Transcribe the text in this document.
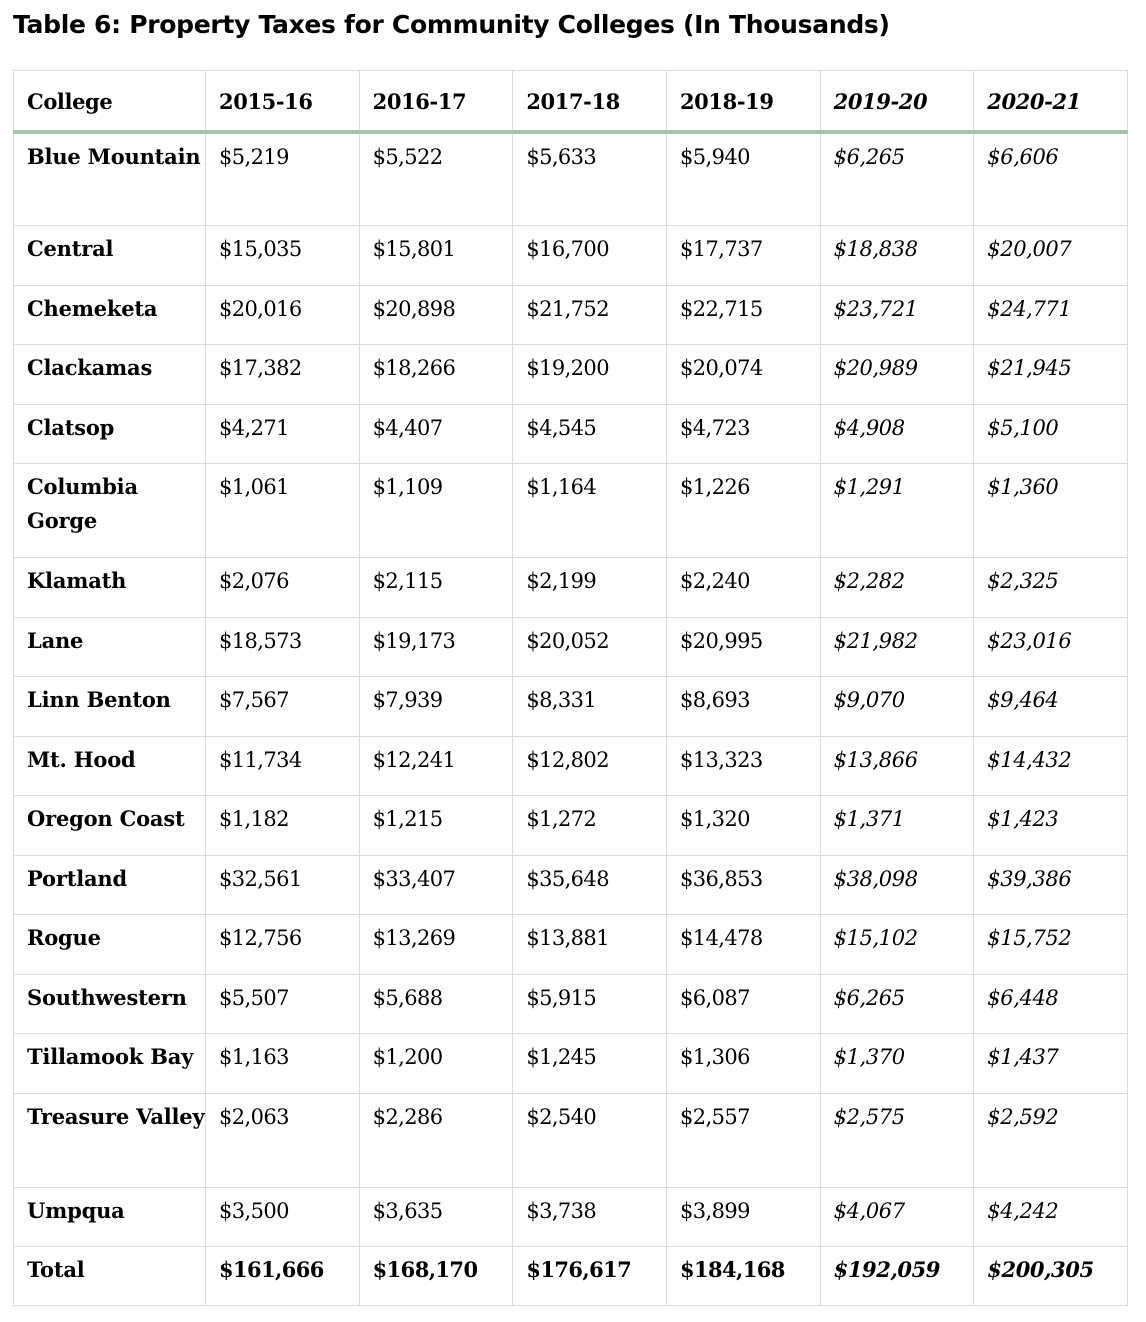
Table 6: Property Taxes for Community Colleges (In Thousands)
College	2015-16	2016-17	2017-18	2018-19	2019-20	2020-21
Blue Mountain	$5,219	$5,522	$5,633	$5,940	$6,265	$6,606
Central	$15,035	$15,801	$16,700	$17,737	$18,838	$20,007
Chemeketa	$20,016	$20,898	$21,752	$22,715	$23,721	$24,771
Clackamas	$17,382	$18,266	$19,200	$20,074	$20,989	$21,945
Clatsop	$4,271	$4,407	$4,545	$4,723	$4,908	$5,100
Columbia Gorge	$1,061	$1,109	$1,164	$1,226	$1,291	$1,360
Klamath	$2,076	$2,115	$2,199	$2,240	$2,282	$2,325
Lane	$18,573	$19,173	$20,052	$20,995	$21,982	$23,016
Linn Benton	$7,567	$7,939	$8,331	$8,693	$9,070	$9,464
Mt. Hood	$11,734	$12,241	$12,802	$13,323	$13,866	$14,432
Oregon Coast	$1,182	$1,215	$1,272	$1,320	$1,371	$1,423
Portland	$32,561	$33,407	$35,648	$36,853	$38,098	$39,386
Rogue	$12,756	$13,269	$13,881	$14,478	$15,102	$15,752
Southwestern	$5,507	$5,688	$5,915	$6,087	$6,265	$6,448
Tillamook Bay	$1,163	$1,200	$1,245	$1,306	$1,370	$1,437
Treasure Valley	$2,063	$2,286	$2,540	$2,557	$2,575	$2,592
Umpqua	$3,500	$3,635	$3,738	$3,899	$4,067	$4,242
Total	$161,666	$168,170	$176,617	$184,168	$192,059	$200,305
